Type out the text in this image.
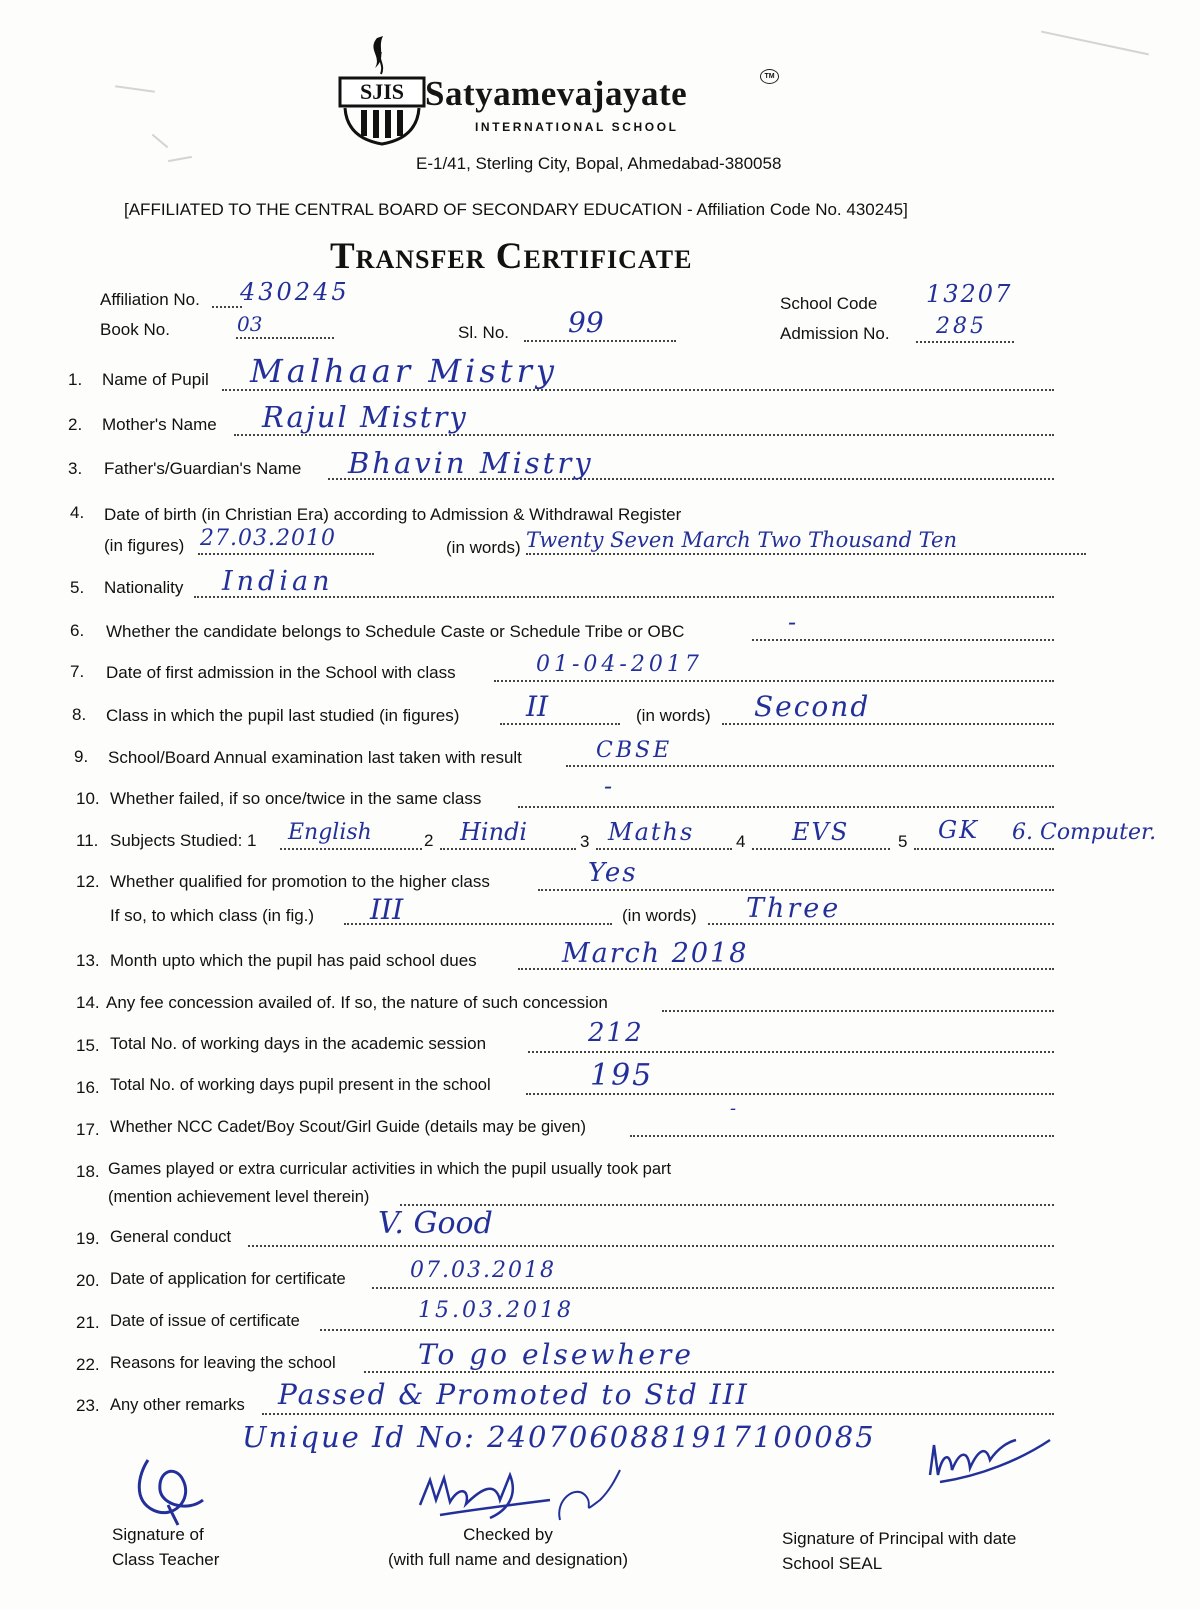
SJIS Satyamevajayate	TM
INTERNATIONAL SCHOOL
E-1/41, Sterling City, Bopal, Ahmedabad-380058
[AFFILIATED TO THE CENTRAL BOARD OF SECONDARY EDUCATION - Affiliation Code No. 430245]
Transfer Certificate
Affiliation No. 430245
Book No.	03	Sl. No. 99
School Code 13207
Admission No. 285
1. Name of Pupil Malhaar Mistry
2. Mother's Name Rajul Mistry
3. Father's/Guardian's Name Bhavin Mistry
4. Date of birth (in Christian Era) according to Admission & Withdrawal Register
(in figures) 27.03.2010	(in words) Twenty Seven March Two Thousand Ten
5. Nationality Indian
6. Whether the candidate belongs to Schedule Caste or Schedule Tribe or OBC	-
7. Date of first admission in the School with class	01-04-2017
8. Class in which the pupil last studied (in figures) II	(in words) Second
9. School/Board Annual examination last taken with result	CBSE
10. Whether failed, if so once/twice in the same class	-
11. Subjects Studied: 1 English	2 Hindi	3 Maths 4 EVS	5 GK 6. Computer.
12. Whether qualified for promotion to the higher class	Yes
If so, to which class (in fig.) III	(in words) Three
13. Month upto which the pupil has paid school dues	March 2018
14. Any fee concession availed of. If so, the nature of such concession
15. Total No. of working days in the academic session	212
16. Total No. of working days pupil present in the school	195
17. Whether NCC Cadet/Boy Scout/Girl Guide (details may be given)
-
18. Games played or extra curricular activities in which the pupil usually took part
(mention achievement level therein)
19. General conduct	V. Good
20. Date of application for certificate	07.03.2018
21. Date of issue of certificate	15.03.2018
22. Reasons for leaving the school	To go elsewhere
23. Any other remarks Passed & Promoted to Std III
Unique Id No: 2407060881917100085
Signature of
Class Teacher
Checked by
(with full name and designation)
Signature of Principal with date
School SEAL
